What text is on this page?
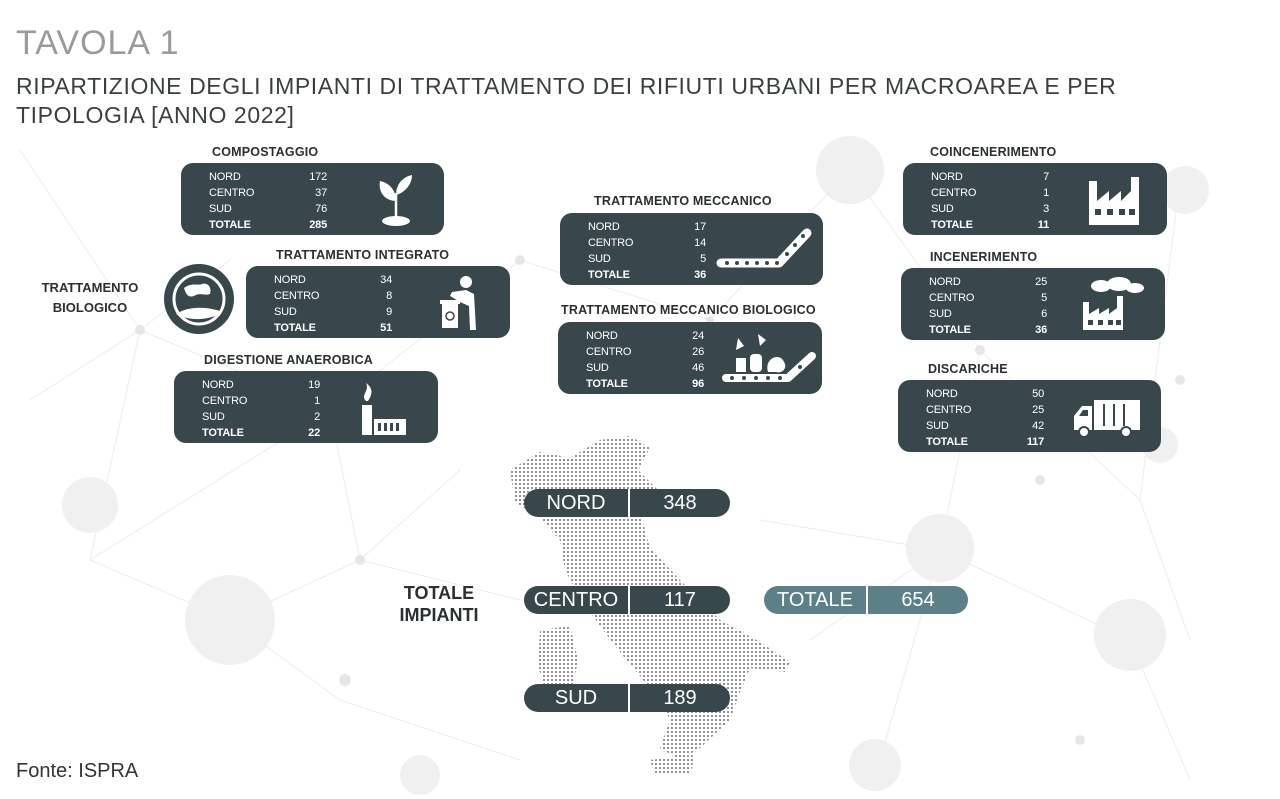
TAVOLA 1
RIPARTIZIONE DEGLI IMPIANTI DI TRATTAMENTO DEI RIFIUTI URBANI PER MACROAREA E PER TIPOLOGIA [ANNO 2022]
COMPOSTAGGIO
NORD	172
CENTRO	37
SUD	76
TOTALE	285
TRATTAMENTO INTEGRATO
NORD	34
CENTRO	8
SUD	9
TOTALE	51
DIGESTIONE ANAEROBICA
NORD	19
CENTRO	1
SUD	2
TOTALE	22
TRATTAMENTO BIOLOGICO
TRATTAMENTO MECCANICO
NORD	17
CENTRO	14
SUD	5
TOTALE	36
TRATTAMENTO MECCANICO BIOLOGICO
NORD	24
CENTRO	26
SUD	46
TOTALE	96
COINCENERIMENTO
NORD	7
CENTRO	1
SUD	3
TOTALE	11
INCENERIMENTO
NORD	25
CENTRO	5
SUD	6
TOTALE	36
DISCARICHE
NORD	50
CENTRO	25
SUD	42
TOTALE	117
TOTALE IMPIANTI
NORD	348
CENTRO	117
SUD	189
TOTALE	654
Fonte: ISPRA
